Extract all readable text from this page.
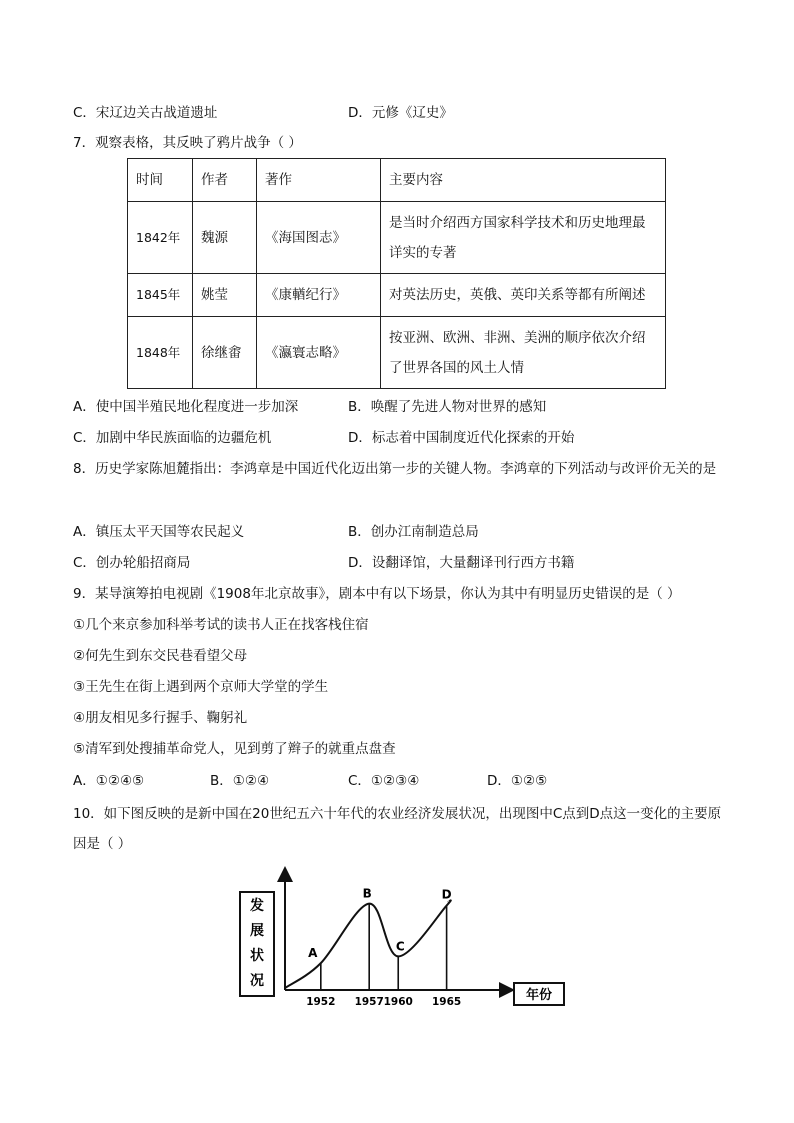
C．宋辽边关古战道遗址	D．元修《辽史》
7．观察表格，其反映了鸦片战争（ ）
时间	作者	著作	主要内容
1842年	魏源	《海国图志》	是当时介绍西方国家科学技术和历史地理最详实的专著
1845年	姚莹	《康輶纪行》	对英法历史，英俄、英印关系等都有所阐述
1848年	徐继畬	《瀛寰志略》	按亚洲、欧洲、非洲、美洲的顺序依次介绍了世界各国的风土人情
A．使中国半殖民地化程度进一步加深	B．唤醒了先进人物对世界的感知
C．加剧中华民族面临的边疆危机	D．标志着中国制度近代化探索的开始
8．历史学家陈旭麓指出：李鸿章是中国近代化迈出第一步的关键人物。李鸿章的下列活动与改评价无关的是
A．镇压太平天国等农民起义	B．创办江南制造总局
C．创办轮船招商局	D．设翻译馆，大量翻译刊行西方书籍
9．某导演筹拍电视剧《1908年北京故事》，剧本中有以下场景，你认为其中有明显历史错误的是（ ）
①几个来京参加科举考试的读书人正在找客栈住宿
②何先生到东交民巷看望父母
③王先生在街上遇到两个京师大学堂的学生
④朋友相见多行握手、鞠躬礼
⑤清军到处搜捕革命党人，见到剪了辫子的就重点盘查
A．①②④⑤	B．①②④	C．①②③④	D．①②⑤
10．如下图反映的是新中国在20世纪五六十年代的农业经济发展状况，出现图中C点到D点这一变化的主要原因是（ ）
发展状况
年份
A
1952
B
1957
C
1960
D
1965
